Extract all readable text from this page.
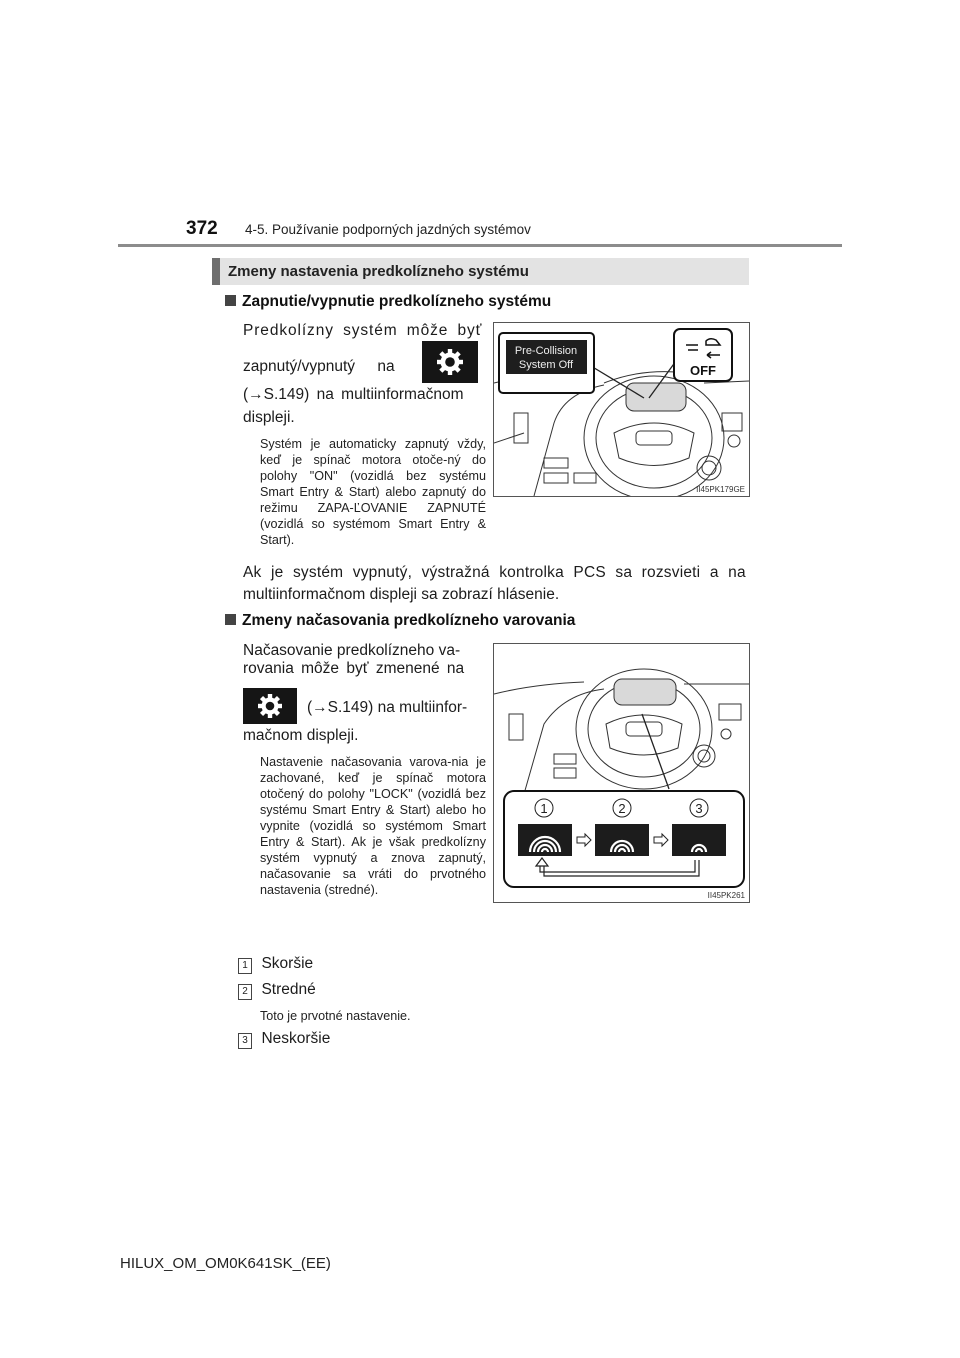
372 4-5. Používanie podporných jazdných systémov
Zmeny nastavenia predkolízneho systému
Zapnutie/vypnutie predkolízneho systému
Predkolízny systém môže byť
zapnutý/vypnutý na
(→S.149) na multiinformačnom
displeji.
Systém je automaticky zapnutý vždy, keď je spínač motora otoče-ný do polohy "ON" (vozidlá bez systému Smart Entry & Start) alebo zapnutý do režimu ZAPA-ĽOVANIE ZAPNUTÉ (vozidlá so systémom Smart Entry & Start).
Pre-Collision
System Off	OFF
II45PK179GE
Ak je systém vypnutý, výstražná kontrolka PCS sa rozsvieti a na
multiinformačnom displeji sa zobrazí hlásenie.
Zmeny načasovania predkolízneho varovania
Načasovanie predkolízneho va-
rovania môže byť zmenené na
(→S.149) na multiinfor-
mačnom displeji.
Nastavenie načasovania varova-nia je zachované, keď je spínač motora otočený do polohy "LOCK" (vozidlá bez systému Smart Entry & Start) alebo ho vypnite (vozidlá so systémom Smart Entry & Start). Ak je však predkolízny systém vypnutý a znova zapnutý, načasovanie sa vráti do prvotného nastavenia (stredné).
1	2	3
II45PK261
1 Skoršie
2 Stredné
Toto je prvotné nastavenie.
3 Neskoršie
HILUX_OM_OM0K641SK_(EE)
